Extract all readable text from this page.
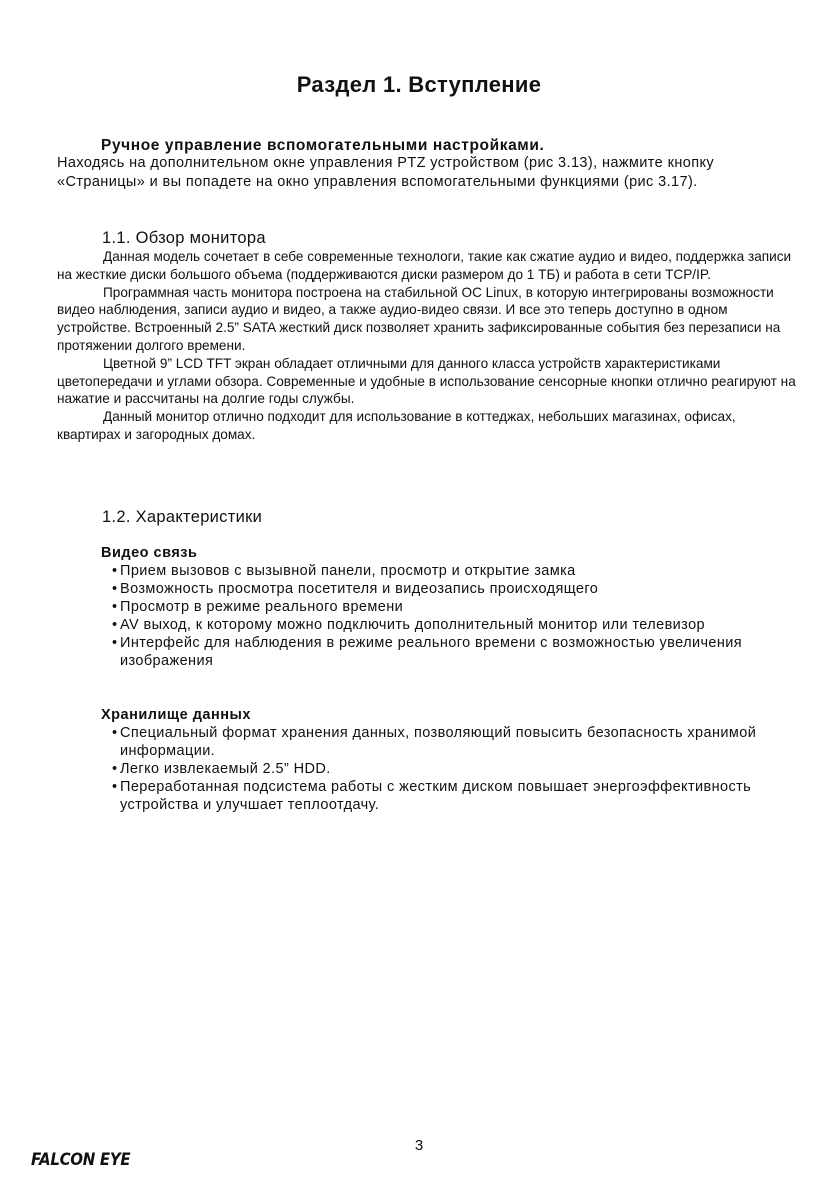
Раздел 1. Вступление
Ручное управление вспомогательными настройками.

Находясь на дополнительном окне управления PTZ устройством (рис 3.13), нажмите кнопку «Страницы» и вы попадете на окно управления вспомогательными функциями (рис 3.17).

1.1. Обзор монитора

Данная модель сочетает в себе современные технологи, такие как сжатие аудио и видео, поддержка записи на жесткие диски большого объема (поддерживаются диски размером до 1 ТБ) и работа в сети TCP/IP.

Программная часть монитора построена на стабильной ОС Linux, в которую интегрированы возможности видео наблюдения, записи аудио и видео, а также аудио-видео связи. И все это теперь доступно в одном устройстве. Встроенный 2.5” SATA жесткий диск позволяет хранить зафиксированные события без перезаписи на протяжении долгого времени.

Цветной 9” LCD TFT экран обладает отличными для данного класса устройств характеристиками цветопередачи и углами обзора. Современные и удобные в использование сенсорные кнопки отлично реагируют на нажатие и рассчитаны на долгие годы службы.

Данный монитор отлично подходит для использование в коттеджах, небольших магазинах, офисах, квартирах и загородных домах.

1.2. Характеристики
Видео связь
• Прием вызовов с вызывной панели, просмотр и открытие замка
• Возможность просмотра посетителя и видеозапись происходящего
• Просмотр в режиме реального времени
• AV выход, к которому можно подключить дополнительный монитор или телевизор
• Интерфейс для наблюдения в режиме реального времени с возможностью увеличения изображения
Хранилище данных
• Специальный формат хранения данных, позволяющий повысить безопасность хранимой информации.
• Легко извлекаемый 2.5” HDD.
• Переработанная подсистема работы с жестким диском повышает энергоэффективность устройства и улучшает теплоотдачу.
3
FALCON EYE
